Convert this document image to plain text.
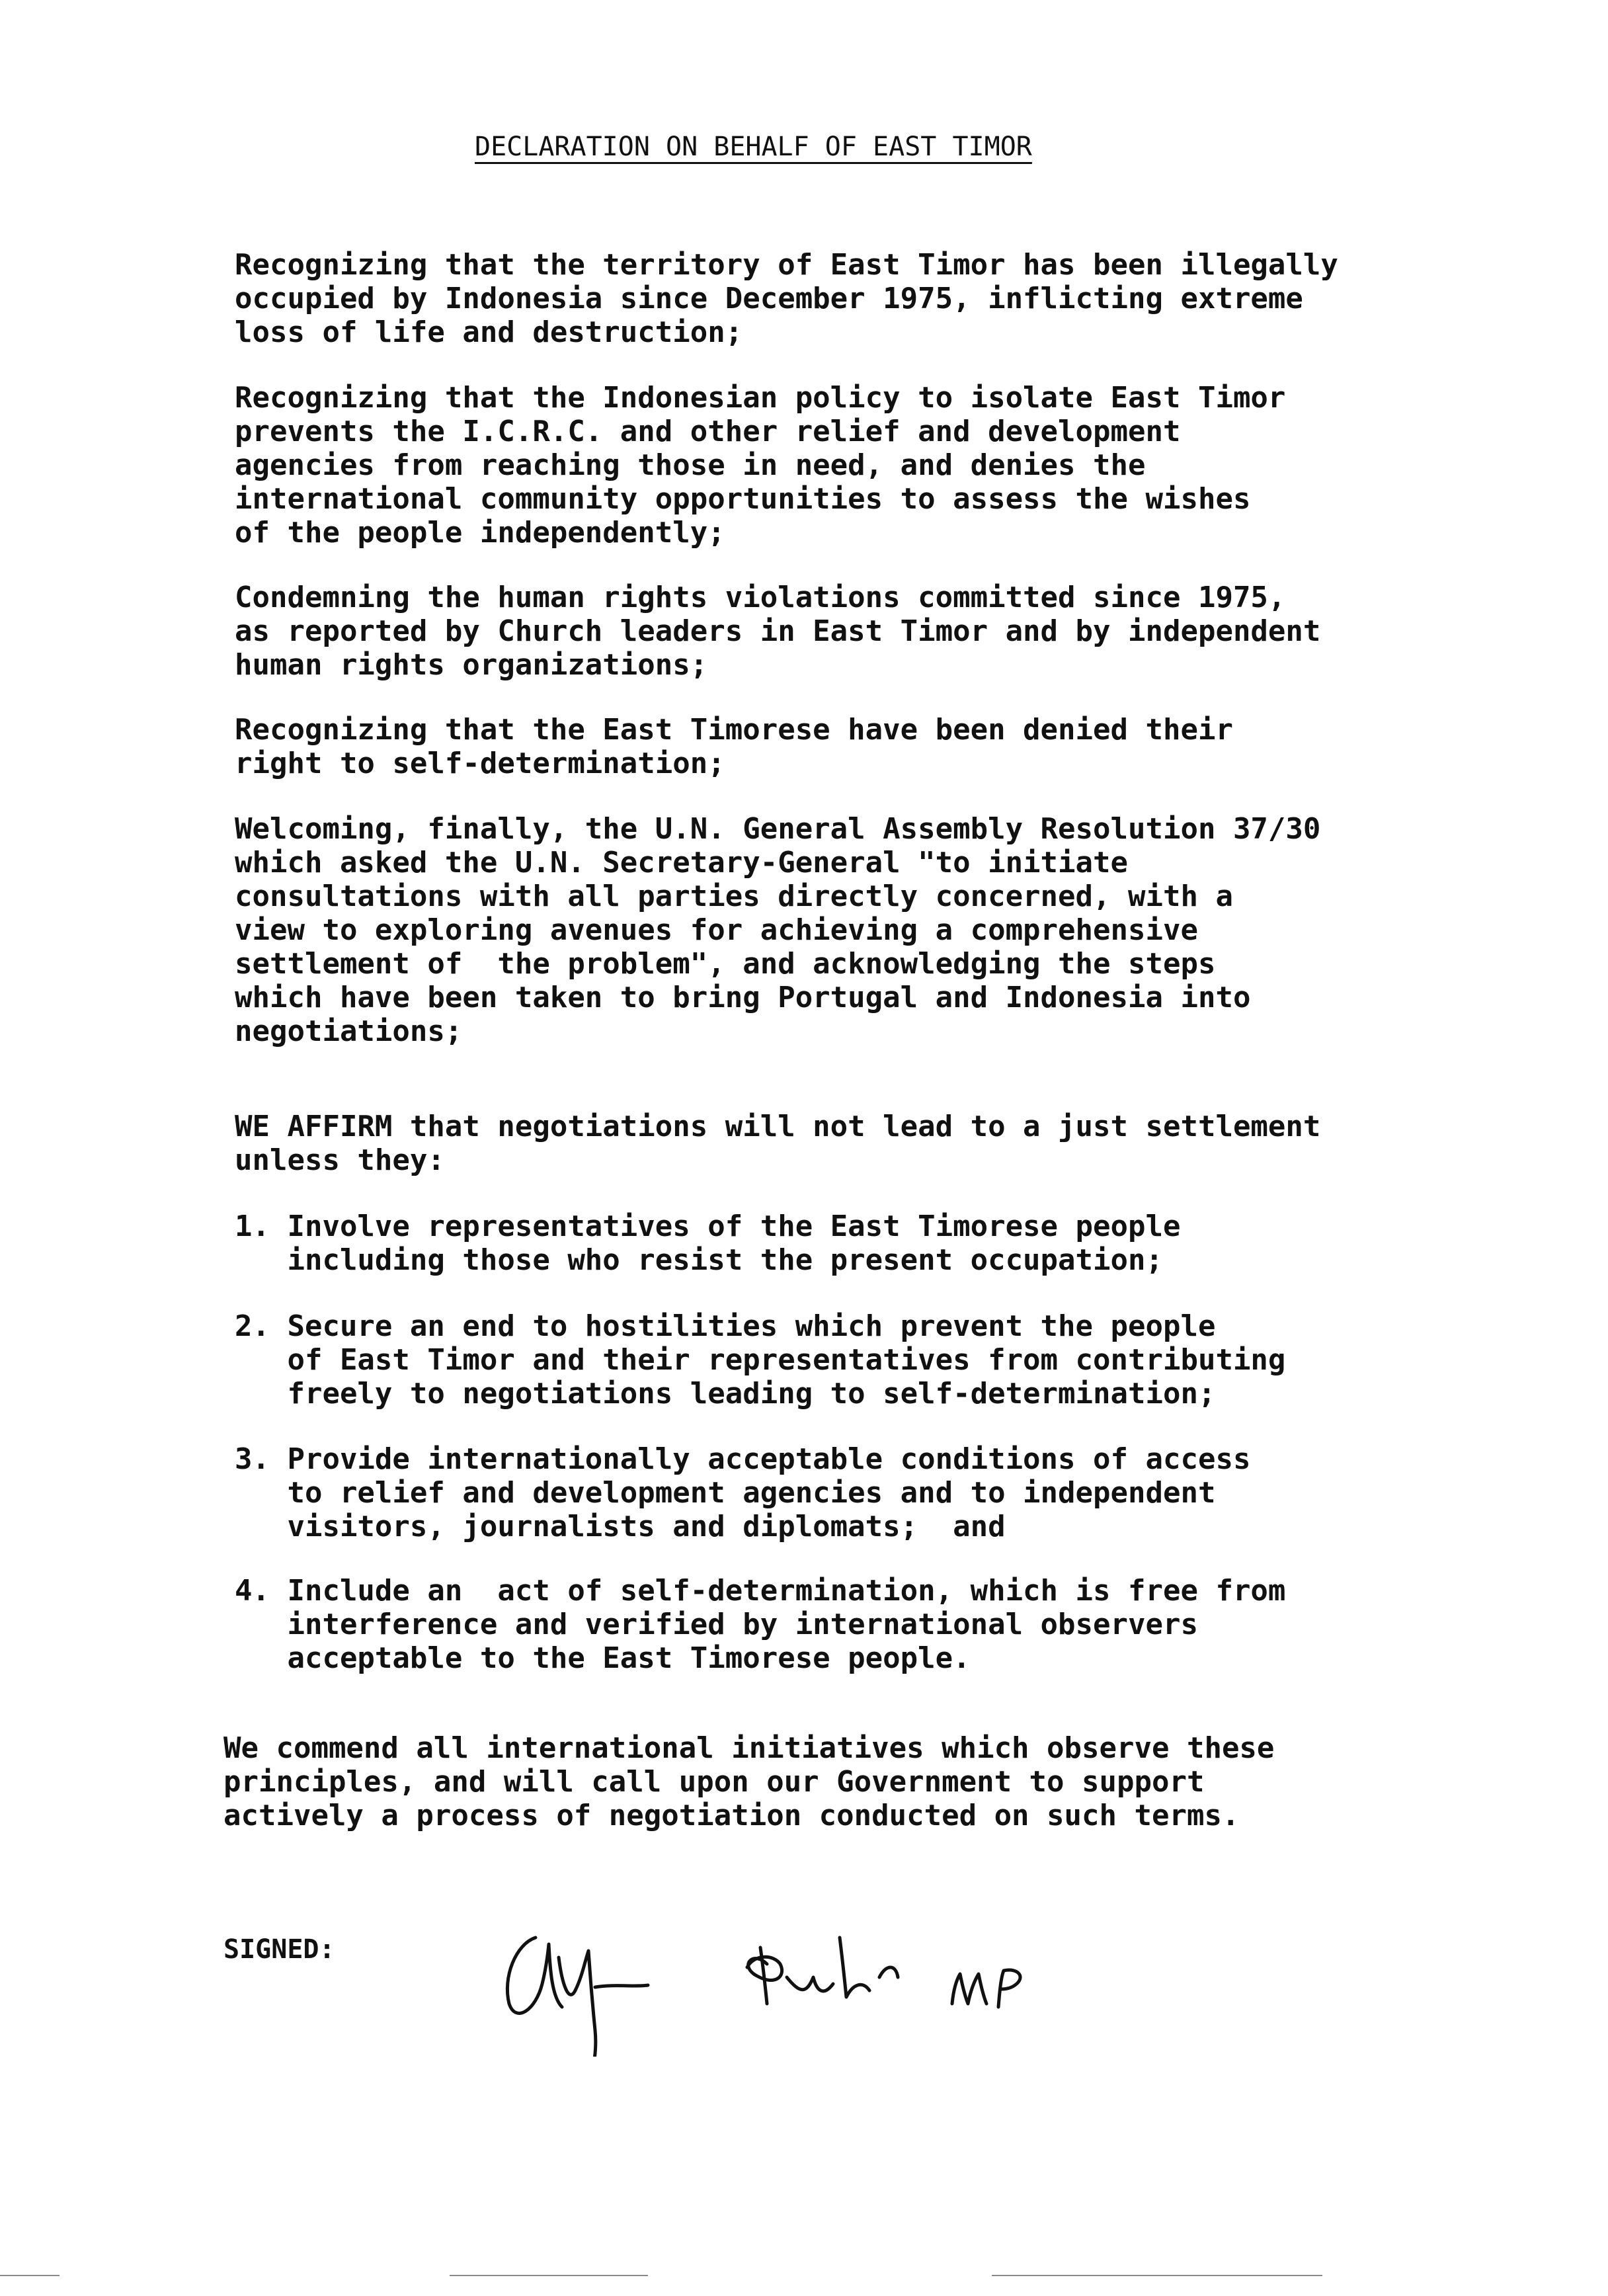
DECLARATION ON BEHALF OF EAST TIMOR
Recognizing that the territory of East Timor has been illegally
occupied by Indonesia since December 1975, inflicting extreme
loss of life and destruction;
Recognizing that the Indonesian policy to isolate East Timor
prevents the I.C.R.C. and other relief and development
agencies from reaching those in need, and denies the
international community opportunities to assess the wishes
of the people independently;
Condemning the human rights violations committed since 1975,
as reported by Church leaders in East Timor and by independent
human rights organizations;
Recognizing that the East Timorese have been denied their
right to self-determination;
Welcoming, finally, the U.N. General Assembly Resolution 37/30
which asked the U.N. Secretary-General "to initiate
consultations with all parties directly concerned, with a
view to exploring avenues for achieving a comprehensive
settlement of  the problem", and acknowledging the steps
which have been taken to bring Portugal and Indonesia into
negotiations;
WE AFFIRM that negotiations will not lead to a just settlement
unless they:
1. Involve representatives of the East Timorese people
including those who resist the present occupation;
2. Secure an end to hostilities which prevent the people
of East Timor and their representatives from contributing
freely to negotiations leading to self-determination;
3. Provide internationally acceptable conditions of access
to relief and development agencies and to independent
visitors, journalists and diplomats;  and
4. Include an  act of self-determination, which is free from
interference and verified by international observers
acceptable to the East Timorese people.
We commend all international initiatives which observe these
principles, and will call upon our Government to support
actively a process of negotiation conducted on such terms.
SIGNED:
